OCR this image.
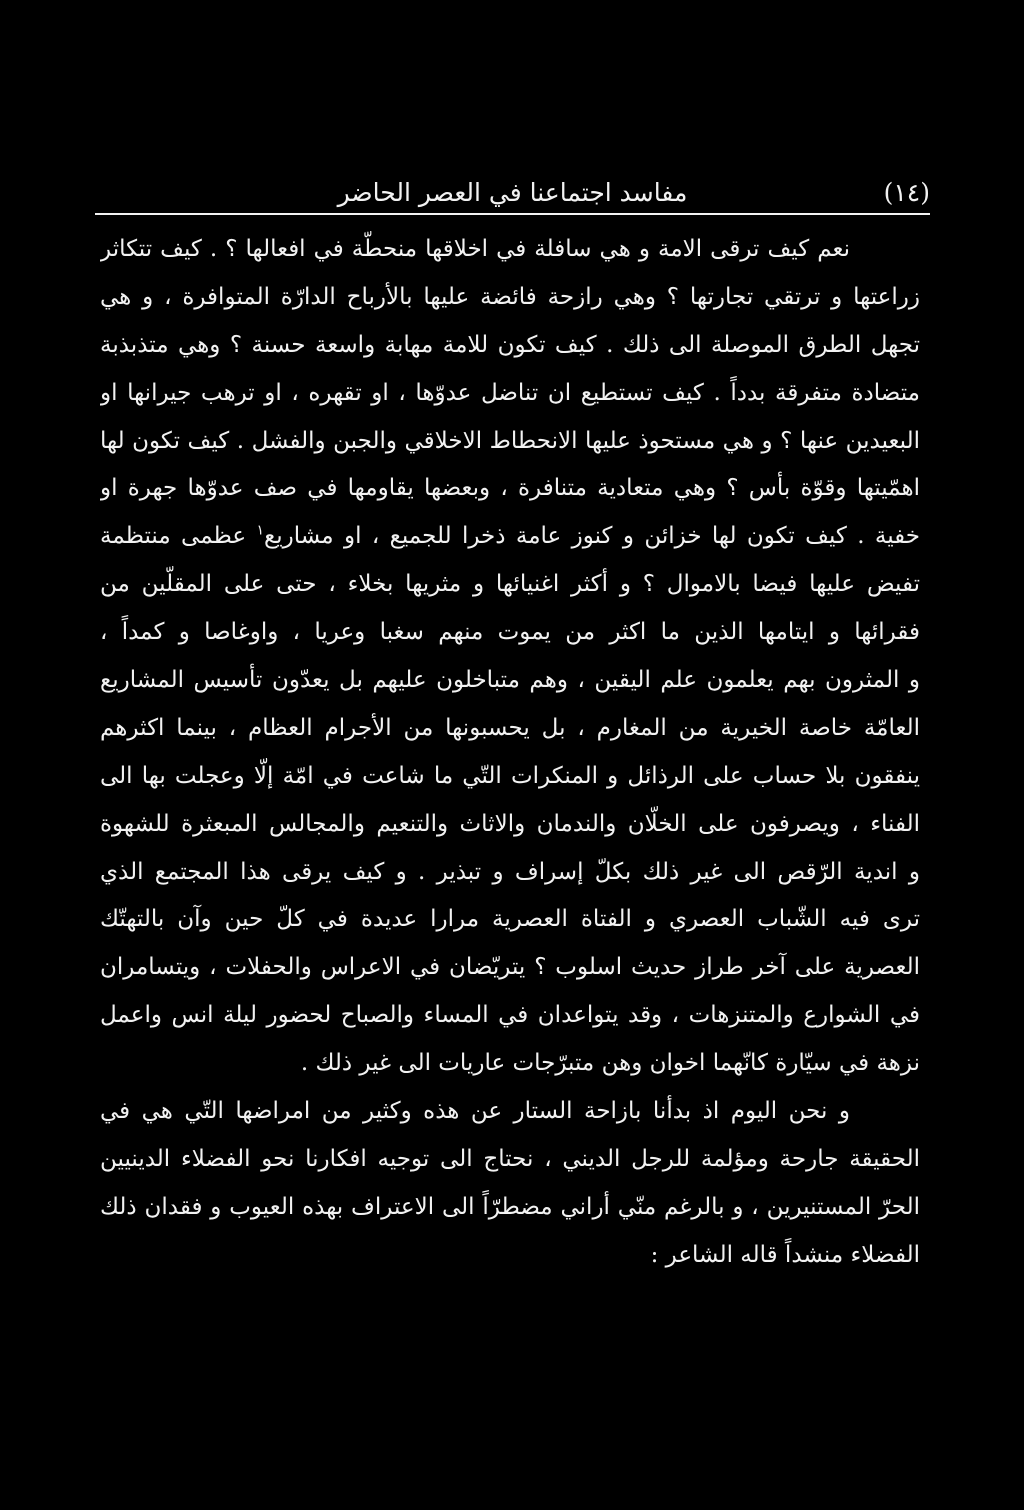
(١٤)
مفاسد اجتماعنا في العصر الحاضر
نعم كيف ترقى الامة و هي سافلة في اخلاقها منحطّة في افعالها ؟ . كيف تتكاثر
زراعتها و ترتقي تجارتها ؟ وهي رازحة فائضة عليها بالأرباح الدارّة المتوافرة ، و هي
تجهل الطرق الموصلة الى ذلك . كيف تكون للامة مهابة واسعة حسنة ؟ وهي متذبذبة
متضادة متفرقة بدداً . كيف تستطيع ان تناضل عدوّها ، او تقهره ، او ترهب جيرانها او
البعيدين عنها ؟ و هي مستحوذ عليها الانحطاط الاخلاقي والجبن والفشل . كيف تكون لها
اهمّيتها وقوّة بأس ؟ وهي متعادية متنافرة ، وبعضها يقاومها في صف عدوّها جهرة او
خفية . كيف تكون لها خزائن و كنوز عامة ذخرا للجميع ، او مشاريع$^١$ عظمى منتظمة
تفيض عليها فيضا بالاموال ؟ و أكثر اغنيائها و مثريها بخلاء ، حتى على المقلّين من
فقرائها و ايتامها الذين ما اكثر من يموت منهم سغبا وعريا ، واوغاصا و كمداً ،
و المثرون بهم يعلمون علم اليقين ، وهم متباخلون عليهم بل يعدّون تأسيس المشاريع
العامّة خاصة الخيرية من المغارم ، بل يحسبونها من الأجرام العظام ، بينما اكثرهم
ينفقون بلا حساب على الرذائل و المنكرات التّي ما شاعت في امّة إلّا وعجلت بها الى
الفناء ، ويصرفون على الخلّان والندمان والاثاث والتنعيم والمجالس المبعثرة للشهوة
و اندية الرّقص الى غير ذلك بكلّ إسراف و تبذير . و كيف يرقى هذا المجتمع الذي
ترى فيه الشّباب العصري و الفتاة العصرية مرارا عديدة في كلّ حين وآن بالتهتّك
العصرية على آخر طراز حديث اسلوب ؟ يتريّضان في الاعراس والحفلات ، ويتسامران
في الشوارع والمتنزهات ، وقد يتواعدان في المساء والصباح لحضور ليلة انس واعمل
نزهة في سيّارة كانّهما اخوان وهن متبرّجات عاريات الى غير ذلك .
و نحن اليوم اذ بدأنا بازاحة الستار عن هذه وكثير من امراضها التّي هي في
الحقيقة جارحة ومؤلمة للرجل الديني ، نحتاج الى توجيه افكارنا نحو الفضلاء الدينيين
الحرّ المستنيرين ، و بالرغم منّي أراني مضطرّاً الى الاعتراف بهذه العيوب و فقدان ذلك
الفضلاء منشداً قاله الشاعر :
